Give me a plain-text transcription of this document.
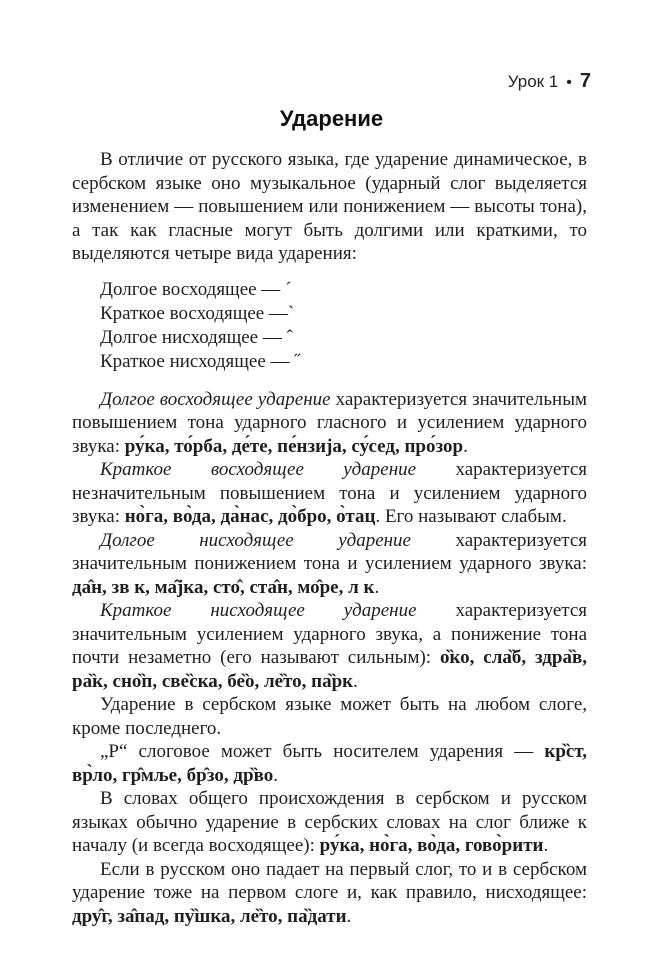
Урок 1 • 7
Ударение

В отличие от русского языка, где ударение динамическое, в сербском языке оно музыкальное (ударный слог выделяется изменением — повышением или понижением — высоты тона), а так как гласные могут быть долгими или краткими, то выделяются четыре вида ударения:

Долгое восходящее — ´
Краткое восходящее —`
Долгое нисходящее — ˆ
Краткое нисходящее — ˝

Долгое восходящее ударение характеризуется значительным повышением тона ударного гласного и усилением ударного звука: ру́ка, то́рба, де́те, пе́нзија, су́сед, про́зор.

Краткое восходящее ударение характеризуется незначительным повышением тона и усилением ударного звука: но̀га, во̀да, да̀нас, до̀бро, о̀тац. Его называют слабым.

Долгое нисходящее ударение характеризуется значительным понижением тона и усилением ударного звука: да̂н, зв к, ма̂јка, сто̂, ста̂н, мо̂ре, л к.

Краткое нисходящее ударение характеризуется значительным усилением ударного звука, а понижение тона почти незаметно (его называют сильным): о̏ко, сла̏б, здра̏в, ра̏к, сно̏п, све̏ска, бе̏о, ле̏то, па̏рк.

Ударение в сербском языке может быть на любом слоге, кроме последнего.

„Р“ слоговое может быть носителем ударения — кр̏ст, вр̀ло, гр̂мље, бр̂зо, др̏во.

В словах общего происхождения в сербском и русском языках обычно ударение в сербских словах на слог ближе к началу (и всегда восходящее): ру́ка, но̀га, во̀да, гово̀рити.

Если в русском оно падает на первый слог, то и в сербском ударение тоже на первом слоге и, как правило, нисходящее: дру̂г, за̂пад, пу̏шка, ле̏то, па̏дати.
